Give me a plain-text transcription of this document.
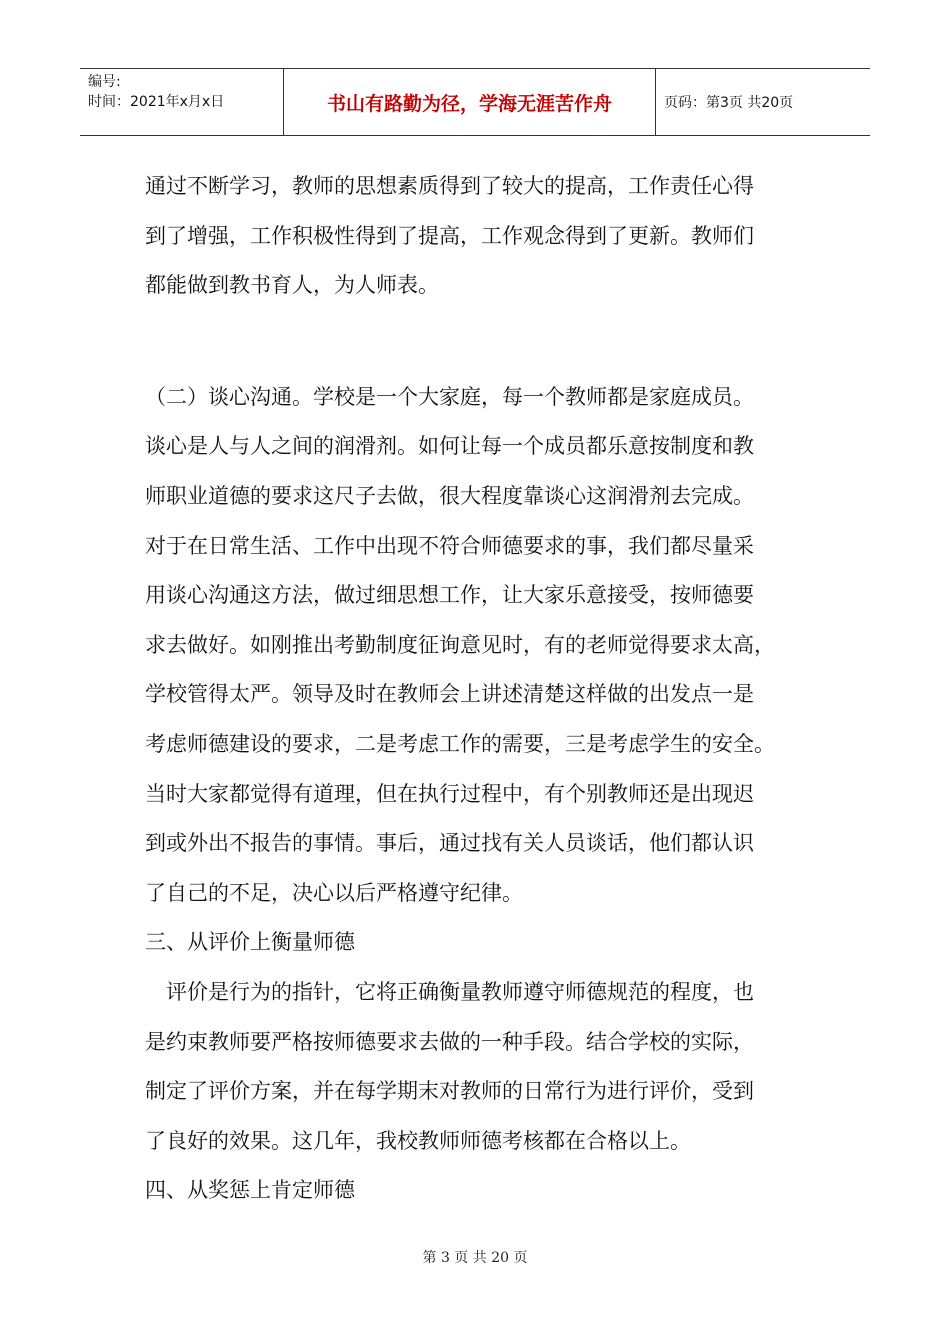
编号:
时间：2021年x月x日	书山有路勤为径，学海无涯苦作舟	页码：第3页 共20页
通过不断学习，教师的思想素质得到了较大的提高，工作责任心得
到了增强，工作积极性得到了提高，工作观念得到了更新。教师们
都能做到教书育人，为人师表。
（二）谈心沟通。学校是一个大家庭，每一个教师都是家庭成员。
谈心是人与人之间的润滑剂。如何让每一个成员都乐意按制度和教
师职业道德的要求这尺子去做，很大程度靠谈心这润滑剂去完成。
对于在日常生活、工作中出现不符合师德要求的事，我们都尽量采
用谈心沟通这方法，做过细思想工作，让大家乐意接受，按师德要
求去做好。如刚推出考勤制度征询意见时，有的老师觉得要求太高，
学校管得太严。领导及时在教师会上讲述清楚这样做的出发点一是
考虑师德建设的要求，二是考虑工作的需要，三是考虑学生的安全。
当时大家都觉得有道理，但在执行过程中，有个别教师还是出现迟
到或外出不报告的事情。事后，通过找有关人员谈话，他们都认识
了自己的不足，决心以后严格遵守纪律。
三、从评价上衡量师德
　评价是行为的指针，它将正确衡量教师遵守师德规范的程度，也
是约束教师要严格按师德要求去做的一种手段。结合学校的实际，
制定了评价方案，并在每学期末对教师的日常行为进行评价，受到
了良好的效果。这几年，我校教师师德考核都在合格以上。
四、从奖惩上肯定师德
第 3 页 共 20 页
